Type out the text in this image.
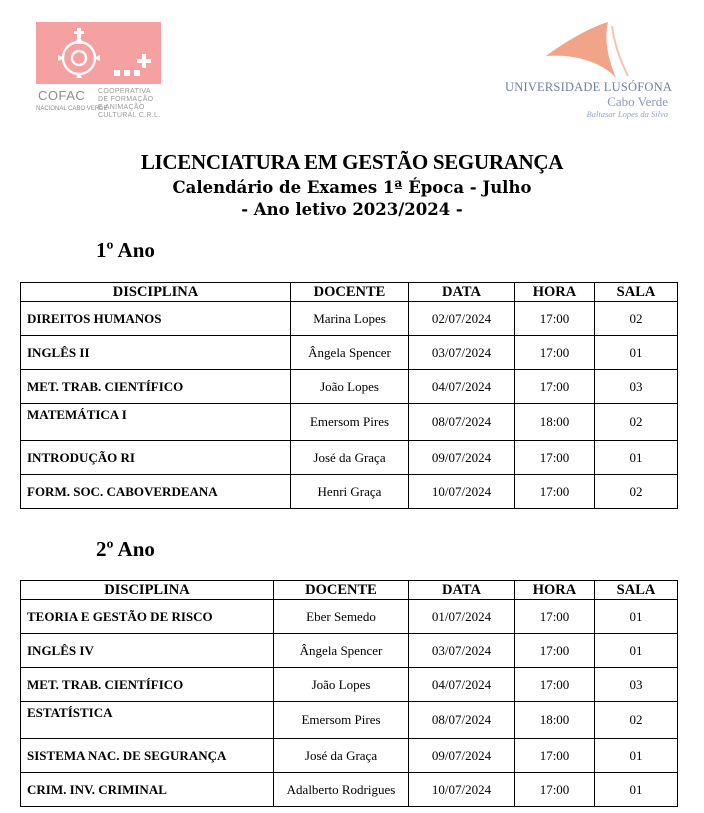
COFAC
NACIONAL CABO VERDE
COOPERATIVA
DE FORMAÇÃO
E ANIMAÇÃO
CULTURAL C.R.L.
UNIVERSIDADE LUSÓFONA
Cabo Verde
Baltasar Lopes da Silva
LICENCIATURA EM GESTÃO SEGURANÇA
Calendário de Exames 1ª Época - Julho
- Ano letivo 2023/2024 -
1º Ano
DISCIPLINA	DOCENTE	DATA	HORA	SALA
DIREITOS HUMANOS	Marina Lopes	02/07/2024	17:00	02
INGLÊS II	Ângela Spencer	03/07/2024	17:00	01
MET. TRAB. CIENTÍFICO	João Lopes	04/07/2024	17:00	03
MATEMÁTICA I	Emersom Pires	08/07/2024	18:00	02
INTRODUÇÃO RI	José da Graça	09/07/2024	17:00	01
FORM. SOC. CABOVERDEANA	Henri Graça	10/07/2024	17:00	02
2º Ano
DISCIPLINA	DOCENTE	DATA	HORA	SALA
TEORIA E GESTÃO DE RISCO	Eber Semedo	01/07/2024	17:00	01
INGLÊS IV	Ângela Spencer	03/07/2024	17:00	01
MET. TRAB. CIENTÍFICO	João Lopes	04/07/2024	17:00	03
ESTATÍSTICA	Emersom Pires	08/07/2024	18:00	02
SISTEMA NAC. DE SEGURANÇA	José da Graça	09/07/2024	17:00	01
CRIM. INV. CRIMINAL	Adalberto Rodrigues	10/07/2024	17:00	01
